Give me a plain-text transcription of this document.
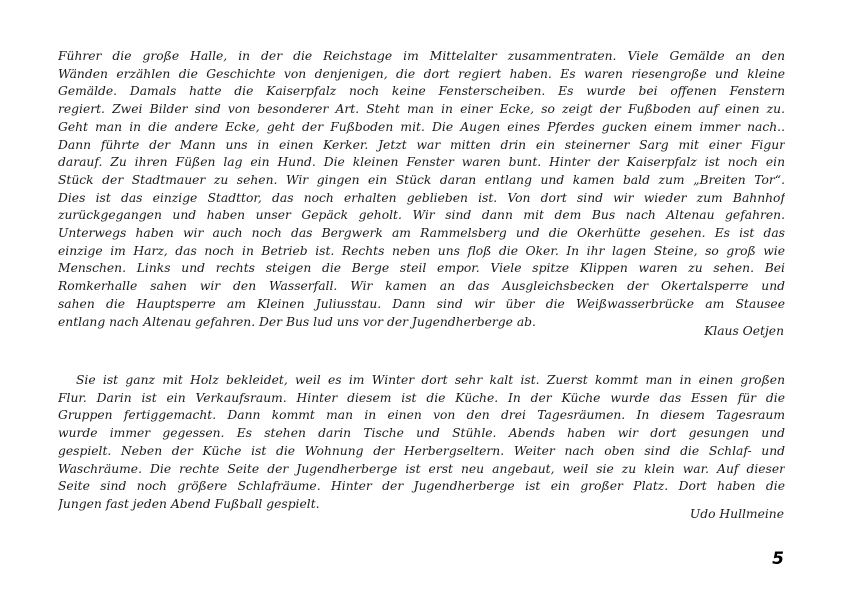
Führer die große Halle, in der die Reichstage im Mittelalter zusammentraten. Viele Gemälde an den
Wänden erzählen die Geschichte von denjenigen, die dort regiert haben. Es waren riesengroße und kleine
Gemälde. Damals hatte die Kaiserpfalz noch keine Fensterscheiben. Es wurde bei offenen Fenstern
regiert. Zwei Bilder sind von besonderer Art. Steht man in einer Ecke, so zeigt der Fußboden auf einen zu.
Geht man in die andere Ecke, geht der Fußboden mit. Die Augen eines Pferdes gucken einem immer nach..
Dann führte der Mann uns in einen Kerker. Jetzt war mitten drin ein steinerner Sarg mit einer Figur
darauf. Zu ihren Füßen lag ein Hund. Die kleinen Fenster waren bunt. Hinter der Kaiserpfalz ist noch ein
Stück der Stadtmauer zu sehen. Wir gingen ein Stück daran entlang und kamen bald zum „Breiten Tor“.
Dies ist das einzige Stadttor, das noch erhalten geblieben ist. Von dort sind wir wieder zum Bahnhof
zurückgegangen und haben unser Gepäck geholt. Wir sind dann mit dem Bus nach Altenau gefahren.
Unterwegs haben wir auch noch das Bergwerk am Rammelsberg und die Okerhütte gesehen. Es ist das
einzige im Harz, das noch in Betrieb ist. Rechts neben uns floß die Oker. In ihr lagen Steine, so groß wie
Menschen. Links und rechts steigen die Berge steil empor. Viele spitze Klippen waren zu sehen. Bei
Romkerhalle sahen wir den Wasserfall. Wir kamen an das Ausgleichsbecken der Okertalsperre und
sahen die Hauptsperre am Kleinen Juliusstau. Dann sind wir über die Weißwasserbrücke am Stausee
entlang nach Altenau gefahren. Der Bus lud uns vor der Jugendherberge ab.
Klaus Oetjen
Sie ist ganz mit Holz bekleidet, weil es im Winter dort sehr kalt ist. Zuerst kommt man in einen großen
Flur. Darin ist ein Verkaufsraum. Hinter diesem ist die Küche. In der Küche wurde das Essen für die
Gruppen fertiggemacht. Dann kommt man in einen von den drei Tagesräumen. In diesem Tagesraum
wurde immer gegessen. Es stehen darin Tische und Stühle. Abends haben wir dort gesungen und
gespielt. Neben der Küche ist die Wohnung der Herbergseltern. Weiter nach oben sind die Schlaf- und
Waschräume. Die rechte Seite der Jugendherberge ist erst neu angebaut, weil sie zu klein war. Auf dieser
Seite sind noch größere Schlafräume. Hinter der Jugendherberge ist ein großer Platz. Dort haben die
Jungen fast jeden Abend Fußball gespielt.
Udo Hullmeine
5
